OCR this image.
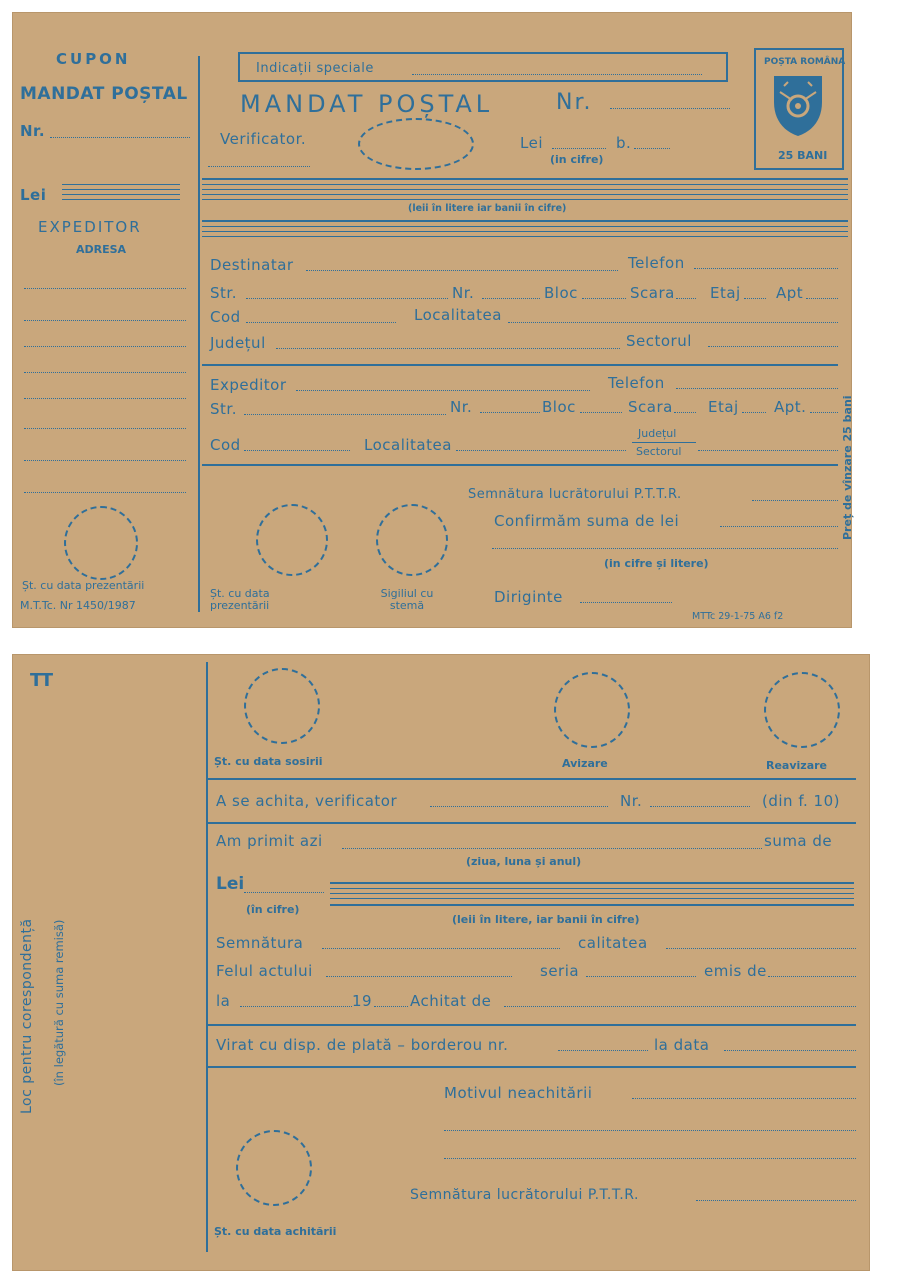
CUPON
MANDAT POȘTAL
Nr.
Lei
EXPEDITOR
ADRESA
Șt. cu data prezentării
M.T.Tc. Nr 1450/1987
Indicații speciale
MANDAT POȘTAL	Nr.
Verificator.	Lei	b.
(in cifre)
POȘTA ROMÂNA
25 BANI
(leii în litere iar banii în cifre)
Destinatar	Telefon
Str.	Nr.	Bloc	Scara Etaj Apt
Cod	Localitatea
Județul	Sectorul
Expeditor	Telefon
Str.	Nr.	Bloc	Scara Etaj Apt.
Cod	Localitatea
Județul
Sectorul
Semnătura lucrătorului P.T.T.R.
Confirmăm suma de lei
(in cifre și litere)
Diriginte
Șt. cu data prezentării
Sigiliul cu stemă
MTTc 29-1-75 A6 f2
Preț de vînzare 25 bani
TT
Loc pentru corespondență (în legătură cu suma remisă)
Șt. cu data sosirii	Avizare	Reavizare
A se achita, verificator	Nr.	(din f. 10)
Am primit azi	suma de
(ziua, luna și anul)
Lei
(în cifre)
(leii în litere, iar banii în cifre)
Semnătura	calitatea
Felul actului	seria	emis de
la	19	Achitat de
Virat cu disp. de plată – borderou nr.	la data
Motivul neachitării
Șt. cu data achitării
Semnătura lucrătorului P.T.T.R.
